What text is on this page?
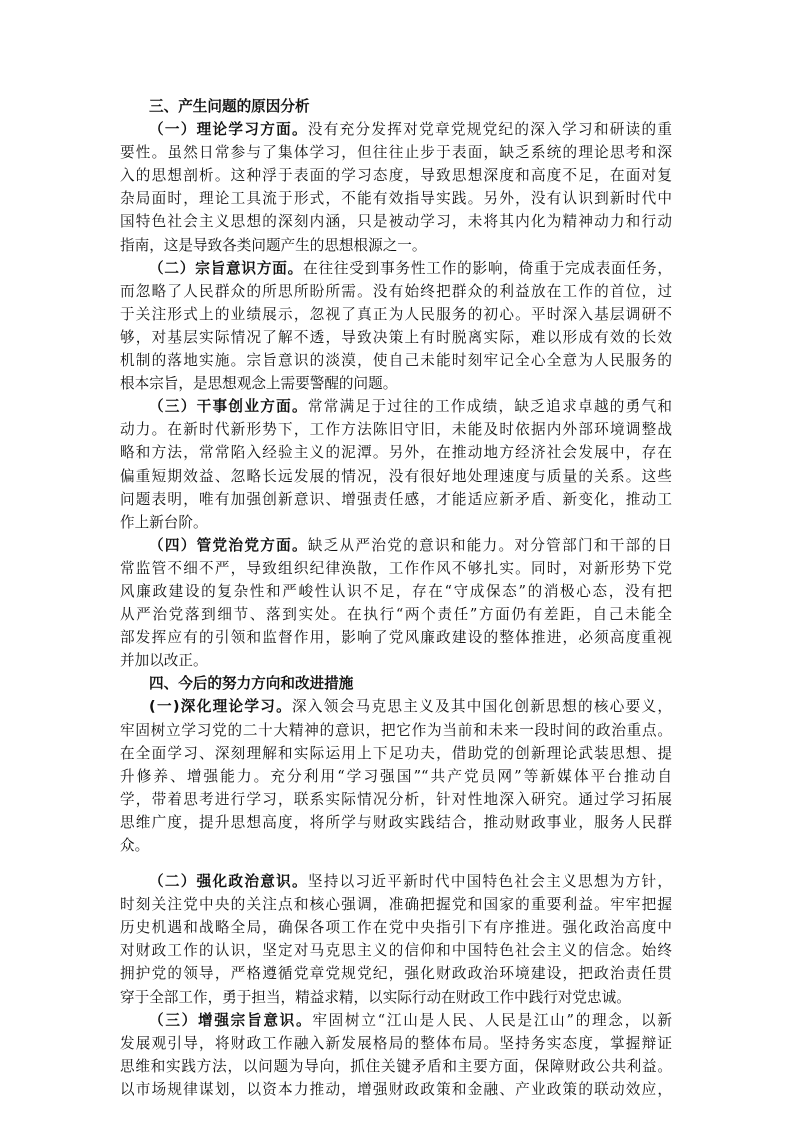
三、产生问题的原因分析
（一）理论学习方面。没有充分发挥对党章党规党纪的深入学习和研读的重
要性。虽然日常参与了集体学习，但往往止步于表面，缺乏系统的理论思考和深
入的思想剖析。这种浮于表面的学习态度，导致思想深度和高度不足，在面对复
杂局面时，理论工具流于形式，不能有效指导实践。另外，没有认识到新时代中
国特色社会主义思想的深刻内涵，只是被动学习，未将其内化为精神动力和行动
指南，这是导致各类问题产生的思想根源之一。
（二）宗旨意识方面。在往往受到事务性工作的影响，倚重于完成表面任务，
而忽略了人民群众的所思所盼所需。没有始终把群众的利益放在工作的首位，过
于关注形式上的业绩展示，忽视了真正为人民服务的初心。平时深入基层调研不
够，对基层实际情况了解不透，导致决策上有时脱离实际，难以形成有效的长效
机制的落地实施。宗旨意识的淡漠，使自己未能时刻牢记全心全意为人民服务的
根本宗旨，是思想观念上需要警醒的问题。
（三）干事创业方面。常常满足于过往的工作成绩，缺乏追求卓越的勇气和
动力。在新时代新形势下，工作方法陈旧守旧，未能及时依据内外部环境调整战
略和方法，常常陷入经验主义的泥潭。另外，在推动地方经济社会发展中，存在
偏重短期效益、忽略长远发展的情况，没有很好地处理速度与质量的关系。这些
问题表明，唯有加强创新意识、增强责任感，才能适应新矛盾、新变化，推动工
作上新台阶。
（四）管党治党方面。缺乏从严治党的意识和能力。对分管部门和干部的日
常监管不细不严，导致组织纪律涣散，工作作风不够扎实。同时，对新形势下党
风廉政建设的复杂性和严峻性认识不足，存在“守成保态”的消极心态，没有把
从严治党落到细节、落到实处。在执行“两个责任”方面仍有差距，自己未能全
部发挥应有的引领和监督作用，影响了党风廉政建设的整体推进，必须高度重视
并加以改正。
四、今后的努力方向和改进措施
(一)深化理论学习。深入领会马克思主义及其中国化创新思想的核心要义，
牢固树立学习党的二十大精神的意识，把它作为当前和未来一段时间的政治重点。
在全面学习、深刻理解和实际运用上下足功夫，借助党的创新理论武装思想、提
升修养、增强能力。充分利用“学习强国”“共产党员网”等新媒体平台推动自
学，带着思考进行学习，联系实际情况分析，针对性地深入研究。通过学习拓展
思维广度，提升思想高度，将所学与财政实践结合，推动财政事业，服务人民群
众。
（二）强化政治意识。坚持以习近平新时代中国特色社会主义思想为方针，
时刻关注党中央的关注点和核心强调，准确把握党和国家的重要利益。牢牢把握
历史机遇和战略全局，确保各项工作在党中央指引下有序推进。强化政治高度中
对财政工作的认识，坚定对马克思主义的信仰和中国特色社会主义的信念。始终
拥护党的领导，严格遵循党章党规党纪，强化财政政治环境建设，把政治责任贯
穿于全部工作，勇于担当，精益求精，以实际行动在财政工作中践行对党忠诚。
（三）增强宗旨意识。牢固树立“江山是人民、人民是江山”的理念，以新
发展观引导，将财政工作融入新发展格局的整体布局。坚持务实态度，掌握辩证
思维和实践方法，以问题为导向，抓住关键矛盾和主要方面，保障财政公共利益。
以市场规律谋划，以资本力推动，增强财政政策和金融、产业政策的联动效应，
